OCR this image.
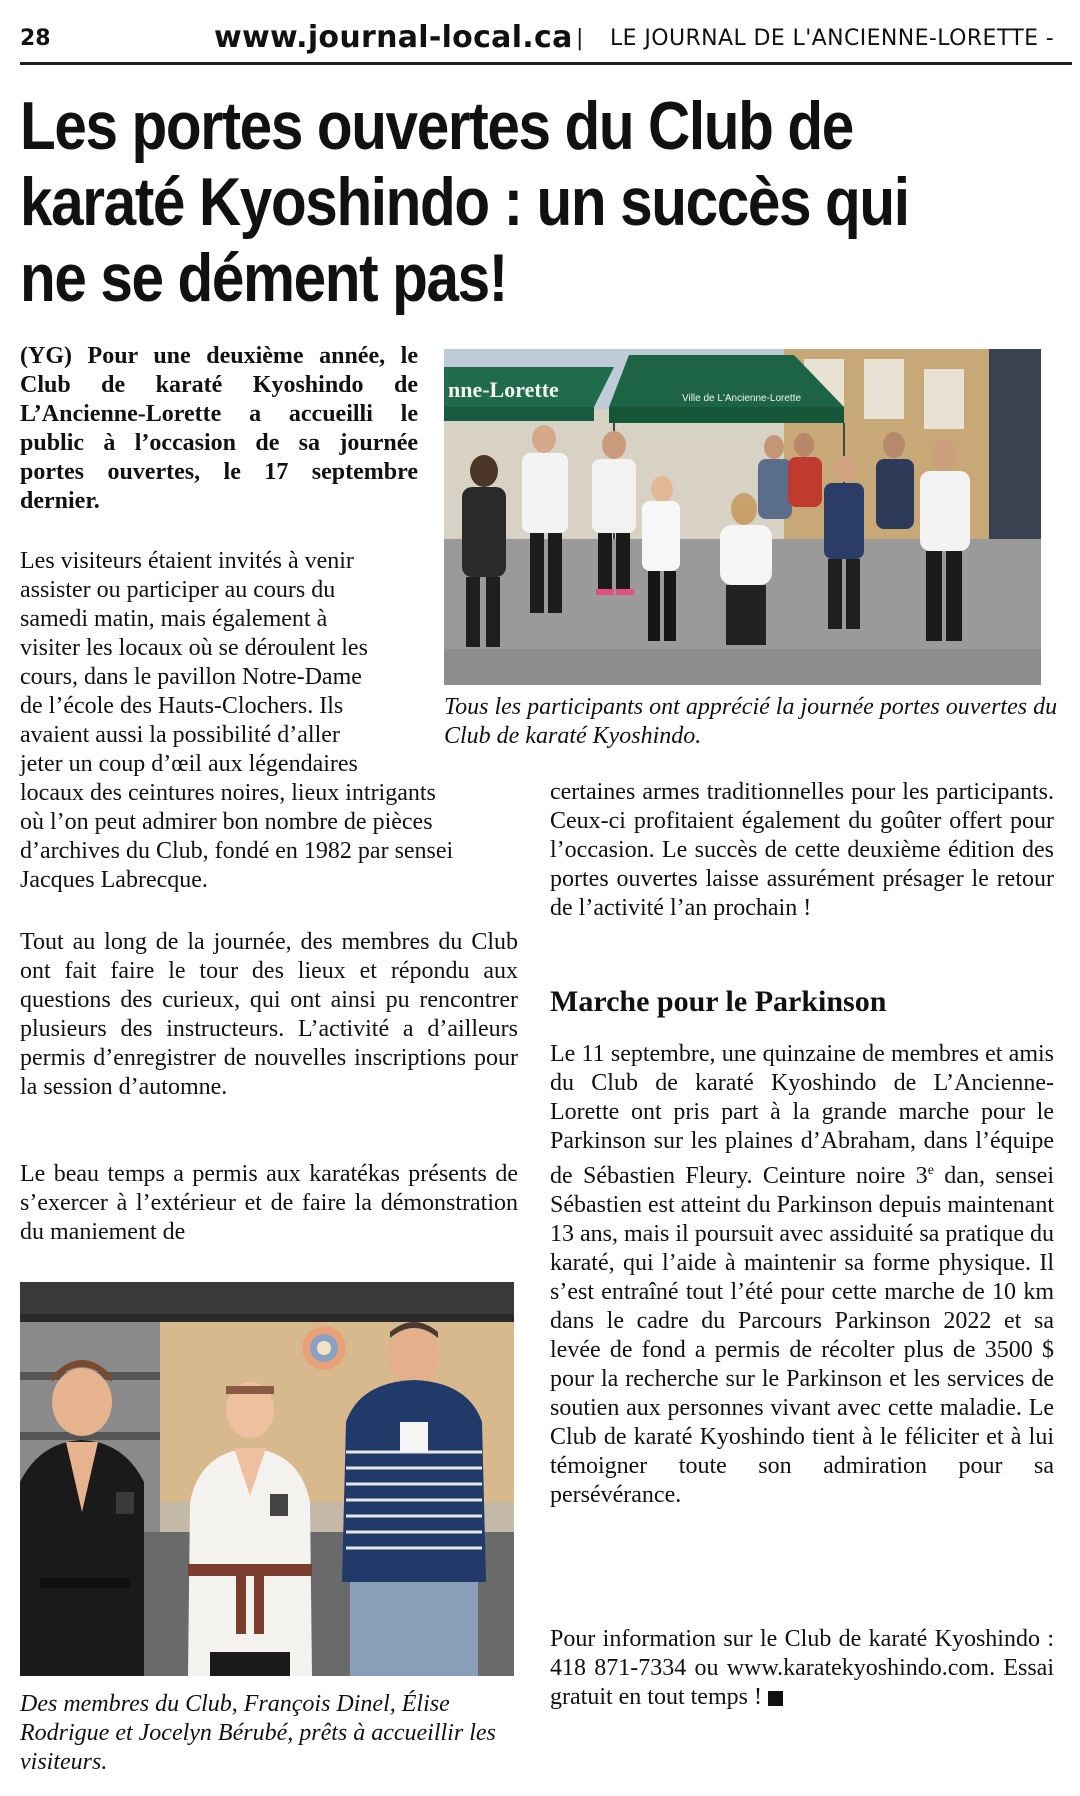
28	www.journal-local.ca | LE JOURNAL DE L'ANCIENNE-LORETTE -
Les portes ouvertes du Club de
karaté Kyoshindo : un succès qui
ne se dément pas!

(YG) Pour une deuxième année, le Club de karaté Kyoshindo de L’Ancienne-Lorette a accueilli le public à l’occasion de sa journée portes ouvertes, le 17 septembre dernier.

Les visiteurs étaient invités à venir
assister ou participer au cours du
samedi matin, mais également à
visiter les locaux où se déroulent les
cours, dans le pavillon Notre-Dame
de l’école des Hauts-Clochers. Ils
avaient aussi la possibilité d’aller
jeter un coup d’œil aux légendaires
locaux des ceintures noires, lieux intrigants
où l’on peut admirer bon nombre de pièces
d’archives du Club, fondé en 1982 par sensei
Jacques Labrecque.

Tout au long de la journée, des membres du Club ont fait faire le tour des lieux et répondu aux questions des curieux, qui ont ainsi pu rencontrer plusieurs des instructeurs. L’activité a d’ailleurs permis d’enregistrer de nouvelles inscriptions pour la session d’automne.

Le beau temps a permis aux karatékas présents de s’exercer à l’extérieur et de faire la démonstration du maniement de

certaines armes traditionnelles pour les participants. Ceux-ci profitaient également du goûter offert pour l’occasion. Le succès de cette deuxième édition des portes ouvertes laisse assurément présager le retour de l’activité l’an prochain !

Marche pour le Parkinson

Le 11 septembre, une quinzaine de membres et amis du Club de karaté Kyoshindo de L’Ancienne-Lorette ont pris part à la grande marche pour le Parkinson sur les plaines d’Abraham, dans l’équipe de Sébastien Fleury. Ceinture noire 3e dan, sensei Sébastien est atteint du Parkinson depuis maintenant 13 ans, mais il poursuit avec assiduité sa pratique du karaté, qui l’aide à maintenir sa forme physique. Il s’est entraîné tout l’été pour cette marche de 10 km dans le cadre du Parcours Parkinson 2022 et sa levée de fond a permis de récolter plus de 3500 $ pour la recherche sur le Parkinson et les services de soutien aux personnes vivant avec cette maladie. Le Club de karaté Kyoshindo tient à le féliciter et à lui témoigner toute son admiration pour sa persévérance.

Pour information sur le Club de karaté Kyoshindo : 418 871-7334 ou www.karatekyoshindo.com. Essai gratuit en tout temps !

nne-Lorette	Ville de L'Ancienne-Lorette

Tous les participants ont apprécié la journée portes ouvertes du Club de karaté Kyoshindo.

Des membres du Club, François Dinel, Élise Rodrigue et Jocelyn Bérubé, prêts à accueillir les visiteurs.
